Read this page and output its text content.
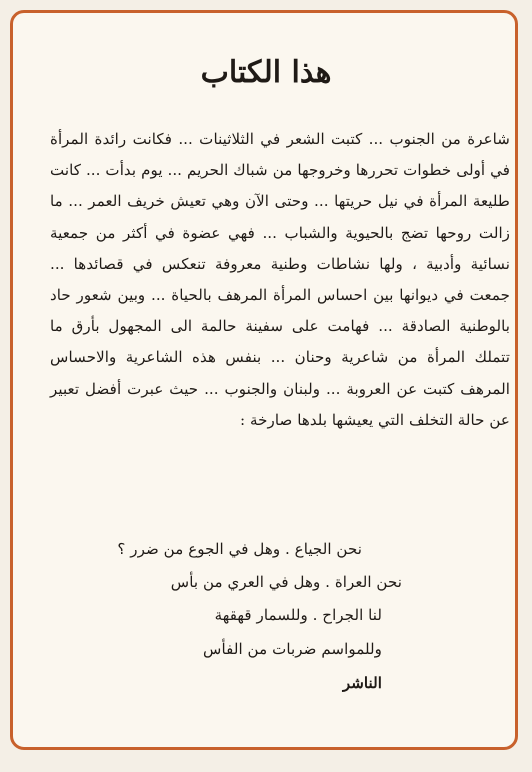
هذا الكتاب

شاعرة من الجنوب ... كتبت الشعر في الثلاثينات ... فكانت رائدة المرأة في أولى خطوات تحررها وخروجها من شباك الحريم ... يوم بدأت ... كانت طليعة المرأة في نيل حريتها ... وحتى الآن وهي تعيش خريف العمر ... ما زالت روحها تضج بالحيوية والشباب ... فهي عضوة في أكثر من جمعية نسائية وأدبية ، ولها نشاطات وطنية معروفة تنعكس في قصائدها ... جمعت في ديوانها بين احساس المرأة المرهف بالحياة ... وبين شعور حاد بالوطنية الصادقة ... فهامت على سفينة حالمة الى المجهول بأرق ما تتملك المرأة من شاعرية وحنان ... بنفس هذه الشاعرية والاحساس المرهف كتبت عن العروبة ... ولبنان والجنوب ... حيث عبرت أفضل تعبير عن حالة التخلف التي يعيشها بلدها صارخة :

نحن الجياع . وهل في الجوع من ضرر ؟
نحن العراة . وهل في العري من بأس
لنا الجراح . وللسمار قهقهة
وللمواسم ضربات من الفأس
الناشر
